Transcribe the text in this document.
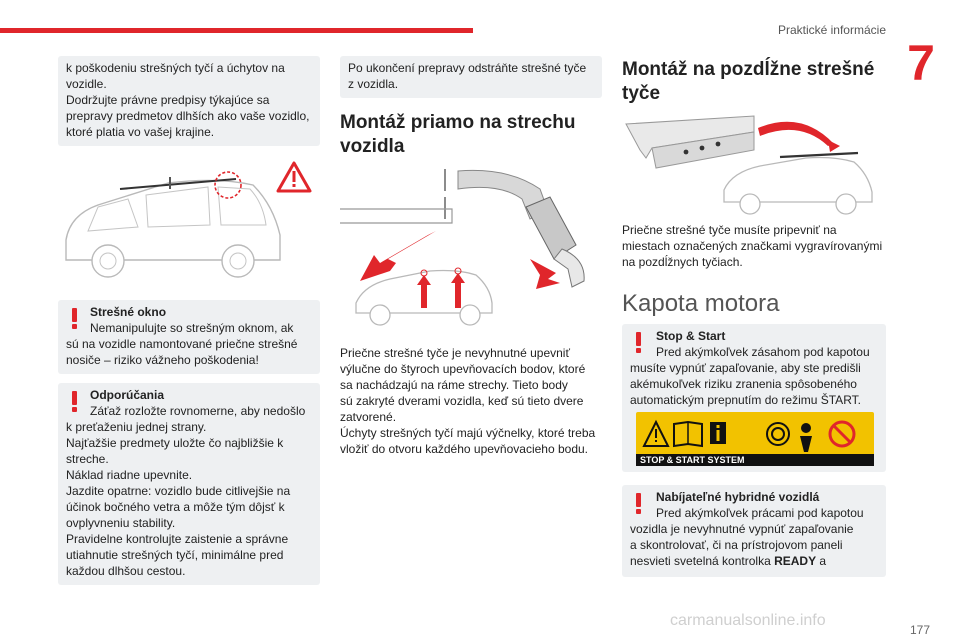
Praktické informácie
7

k poškodeniu strešných tyčí a úchytov na
vozidle.
Dodržujte právne predpisy týkajúce sa
prepravy predmetov dlhších ako vaše vozidlo,
ktoré platia vo vašej krajine.

Strešné okno
Nemanipulujte so strešným oknom, ak
sú na vozidle namontované priečne strešné
nosiče – riziko vážneho poškodenia!
Odporúčania
Záťaž rozložte rovnomerne, aby nedošlo
k preťaženiu jednej strany.
Najťažšie predmety uložte čo najbližšie k
streche.
Náklad riadne upevnite.
Jazdite opatrne: vozidlo bude citlivejšie na
účinok bočného vetra a môže tým dôjsť k
ovplyvneniu stability.
Pravidelne kontrolujte zaistenie a správne
utiahnutie strešných tyčí, minimálne pred
každou dlhšou cestou.

Po ukončení prepravy odstráňte strešné tyče
z vozidla.

Montáž priamo na strechu
vozidla
Priečne strešné tyče je nevyhnutné upevniť
výlučne do štyroch upevňovacích bodov, ktoré
sa nachádzajú na ráme strechy. Tieto body
sú zakryté dverami vozidla, keď sú tieto dvere
zatvorené.
Úchyty strešných tyčí majú výčnelky, ktoré treba
vložiť do otvoru každého upevňovacieho bodu.
Montáž na pozdĺžne strešné
tyče
Priečne strešné tyče musíte pripevniť na
miestach označených značkami vygravírovanými
na pozdĺžnych tyčiach.
Kapota motora
Stop & Start
Pred akýmkoľvek zásahom pod kapotou
musíte vypnúť zapaľovanie, aby ste predišli
akémukoľvek riziku zranenia spôsobeného
automatickým prepnutím do režimu ŠTART.
STOP & START SYSTEM
Nabíjateľné hybridné vozidlá
Pred akýmkoľvek prácami pod kapotou
vozidla je nevyhnutné vypnúť zapaľovanie
a skontrolovať, či na prístrojovom paneli
nesvieti svetelná kontrolka READY a
177
carmanualsonline.info
